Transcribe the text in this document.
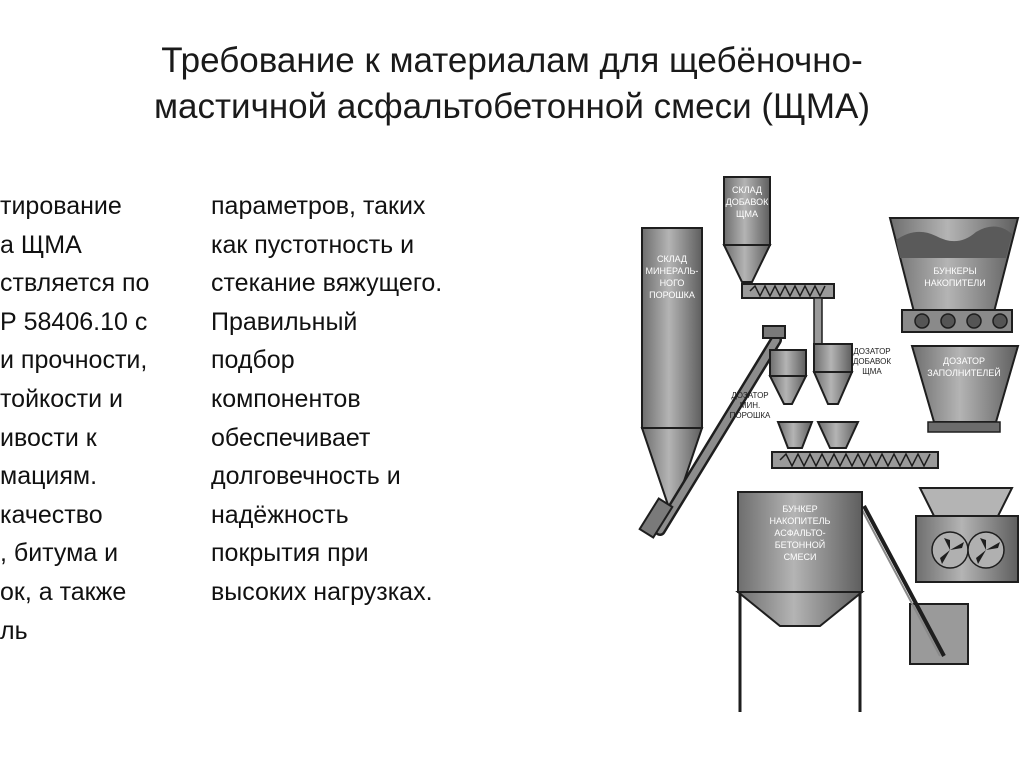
Требование к материалам для щебёночно-
мастичной асфальтобетонной смеси (ЩМА)
тирование
а ЩМА
ствляется по
Р 58406.10 с
и прочности,
тойкости и
ивости к
мациям.
качество
, битума и
ок, а также
ль
параметров, таких
как пустотность и
стекание вяжущего.
Правильный
подбор
компонентов
обеспечивает
долговечность и
надёжность
покрытия при
высоких нагрузках.
СКЛАД
МИНЕРАЛЬ-
НОГО
ПОРОШКА
СКЛАД
ДОБАВОК
ЩМА
ДОЗАТОР
МИН.
ПОРОШКА
ДОЗАТОР
ДОБАВОК
ЩМА
БУНКЕРЫ
НАКОПИТЕЛИ
ДОЗАТОР
ЗАПОЛНИТЕЛЕЙ
БУНКЕР
НАКОПИТЕЛЬ
АСФАЛЬТО-
БЕТОННОЙ
СМЕСИ
